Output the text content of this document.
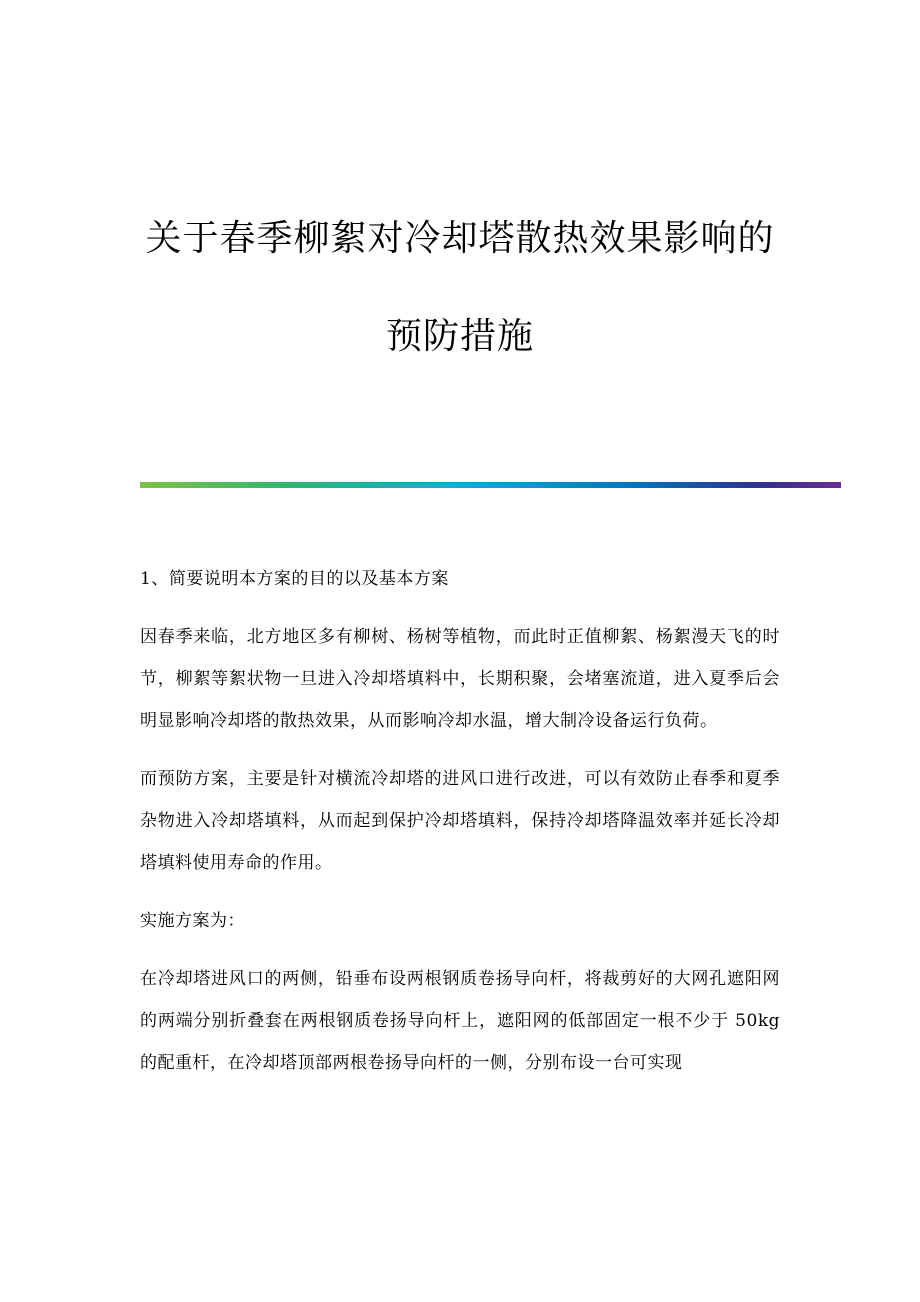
关于春季柳絮对冷却塔散热效果影响的
预防措施

1、简要说明本方案的目的以及基本方案

因春季来临，北方地区多有柳树、杨树等植物，而此时正值柳絮、杨絮漫天飞的时节，柳絮等絮状物一旦进入冷却塔填料中，长期积聚，会堵塞流道，进入夏季后会明显影响冷却塔的散热效果，从而影响冷却水温，增大制冷设备运行负荷。

而预防方案，主要是针对横流冷却塔的进风口进行改进，可以有效防止春季和夏季杂物进入冷却塔填料，从而起到保护冷却塔填料，保持冷却塔降温效率并延长冷却塔填料使用寿命的作用。

实施方案为：

在冷却塔进风口的两侧，铅垂布设两根钢质卷扬导向杆，将裁剪好的大网孔遮阳网的两端分别折叠套在两根钢质卷扬导向杆上，遮阳网的低部固定一根不少于 50kg 的配重杆，在冷却塔顶部两根卷扬导向杆的一侧，分别布设一台可实现
